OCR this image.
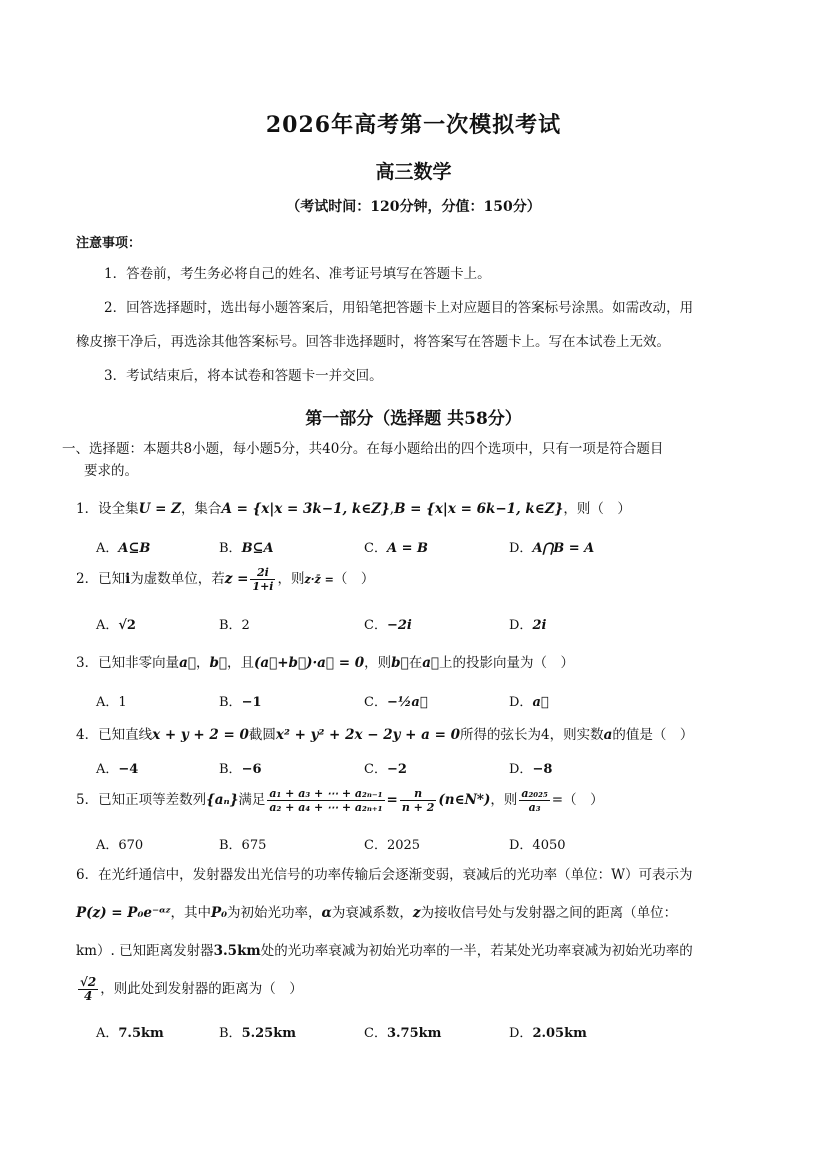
2026年高考第一次模拟考试
高三数学
（考试时间：120分钟，分值：150分）
注意事项：
1．答卷前，考生务必将自己的姓名、准考证号填写在答题卡上。
2．回答选择题时，选出每小题答案后，用铅笔把答题卡上对应题目的答案标号涂黑。如需改动，用
橡皮擦干净后，再选涂其他答案标号。回答非选择题时，将答案写在答题卡上。写在本试卷上无效。
3．考试结束后，将本试卷和答题卡一并交回。
第一部分（选择题 共58分）
一、选择题：本题共8小题，每小题5分，共40分。在每小题给出的四个选项中，只有一项是符合题目
要求的。
1．设全集U = Z，集合A = {x|x = 3k−1, k∈Z},B = {x|x = 6k−1, k∈Z}，则（　）
A．A⊆B	B．B⊆A	C．A = B	D．A⋂B = A
2．已知i为虚数单位，若$z = \frac{2i}{1+i}$ ，则z·z̄ =（　）
A．√2	B．2	C．−2i	D．2i
3．已知非零向量a⃗，b⃗，且(a⃗+b⃗)·a⃗ = 0，则b⃗在a⃗上的投影向量为（　）
A．1	B．−1	C．−½a⃗	D．a⃗
4．已知直线x + y + 2 = 0截圆x² + y² + 2x − 2y + a = 0所得的弦长为4，则实数a的值是（　）
A．−4	B．−6	C．−2	D．−8
5．已知正项等差数列{aₙ}满足 $\frac{\text{a₁ + a₃ + ⋯ + a₂ₙ₋₁}}{\text{a₂ + a₄ + ⋯ + a₂ₙ₊₁}} = \frac{n}{n + 2}$ (n∈N*)，则 $\frac{\text{a₂₀₂₅}}{\text{a₃}}$ =（　）
A．670	B．675	C．2025	D．4050
6．在光纤通信中，发射器发出光信号的功率传输后会逐渐变弱，衰减后的光功率（单位：W）可表示为
P(z) = P₀e⁻ᵅᶻ，其中P₀为初始光功率，α为衰减系数，z为接收信号处与发射器之间的距离（单位：
km）. 已知距离发射器3.5km处的光功率衰减为初始光功率的一半，若某处光功率衰减为初始光功率的
$\frac{√2}{4}$ ，则此处到发射器的距离为（　）
A．7.5km	B．5.25km	C．3.75km	D．2.05km
